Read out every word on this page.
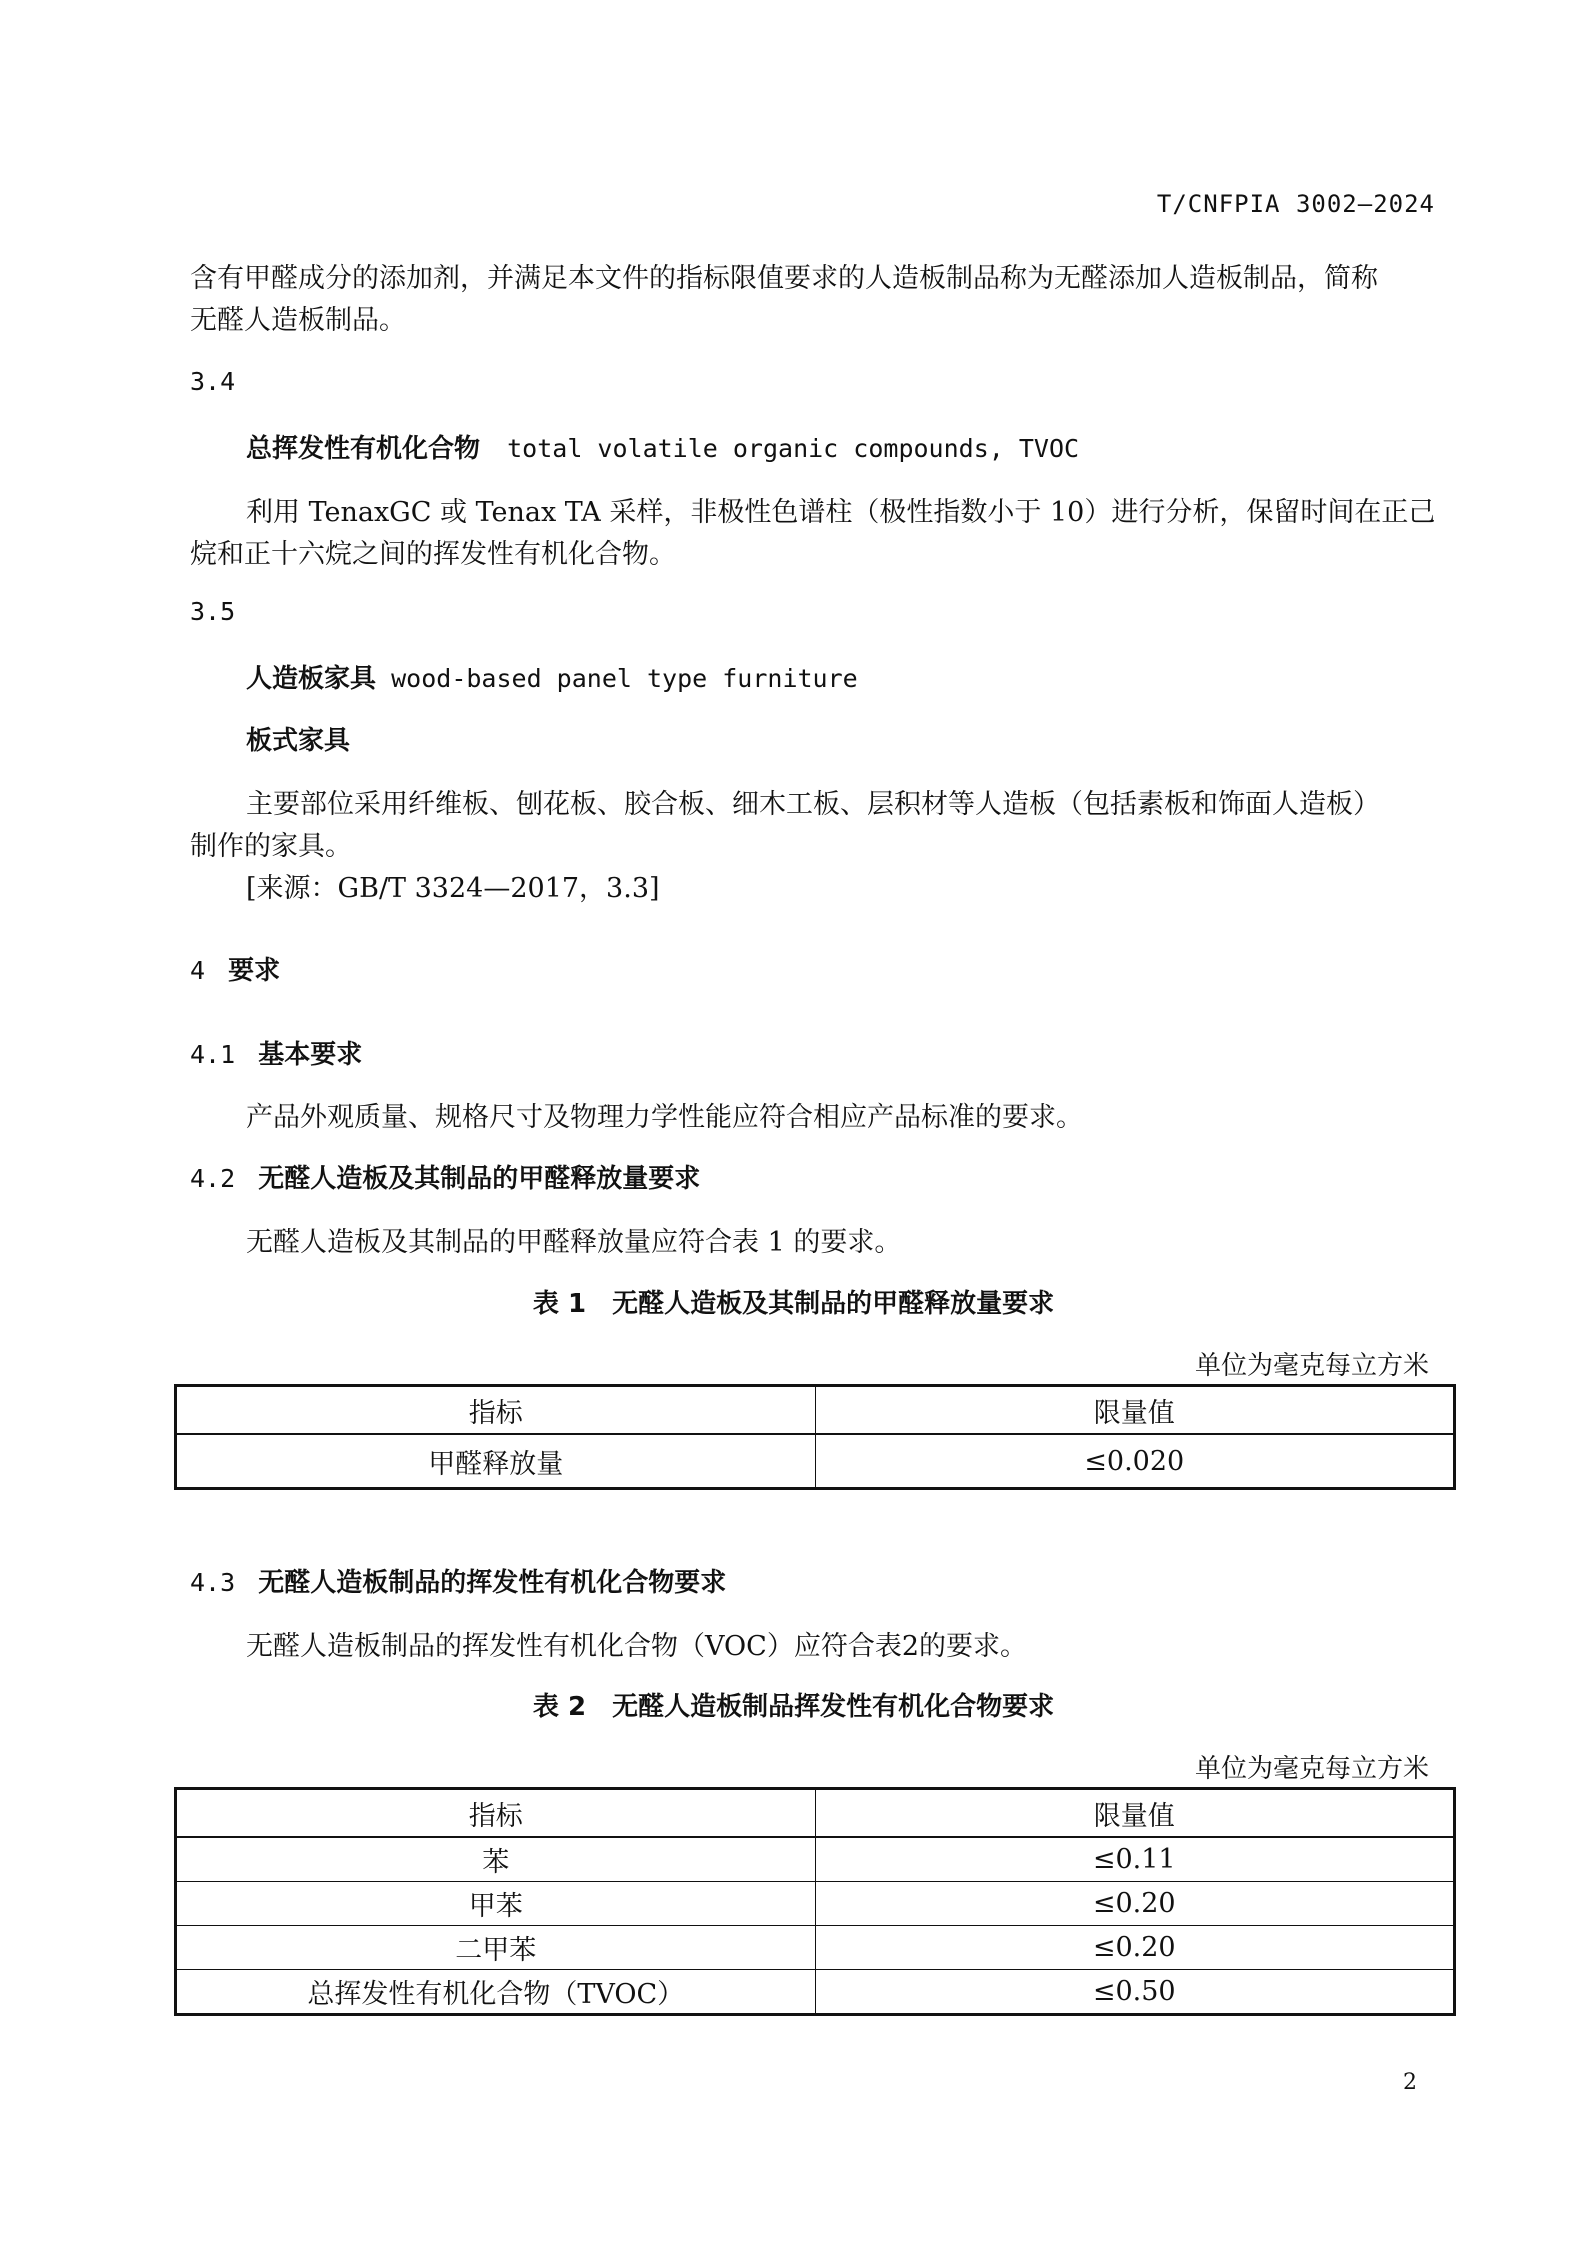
T/CNFPIA 3002—2024
含有甲醛成分的添加剂，并满足本文件的指标限值要求的人造板制品称为无醛添加人造板制品，简称
无醛人造板制品。
3.4
总挥发性有机化合物 total volatile organic compounds, TVOC
利用 TenaxGC 或 Tenax TA 采样，非极性色谱柱（极性指数小于 10）进行分析，保留时间在正己
烷和正十六烷之间的挥发性有机化合物。
3.5
人造板家具 wood-based panel type furniture
板式家具
主要部位采用纤维板、刨花板、胶合板、细木工板、层积材等人造板（包括素板和饰面人造板）
制作的家具。
[来源：GB/T 3324—2017，3.3]
4 要求
4.1 基本要求
产品外观质量、规格尺寸及物理力学性能应符合相应产品标准的要求。
4.2 无醛人造板及其制品的甲醛释放量要求
无醛人造板及其制品的甲醛释放量应符合表 1 的要求。
表 1　无醛人造板及其制品的甲醛释放量要求
单位为毫克每立方米
指标	限量值
甲醛释放量	≤0.020
4.3 无醛人造板制品的挥发性有机化合物要求
无醛人造板制品的挥发性有机化合物（VOC）应符合表2的要求。
表 2　无醛人造板制品挥发性有机化合物要求
单位为毫克每立方米
指标	限量值
苯	≤0.11
甲苯	≤0.20
二甲苯	≤0.20
总挥发性有机化合物（TVOC）	≤0.50
2
